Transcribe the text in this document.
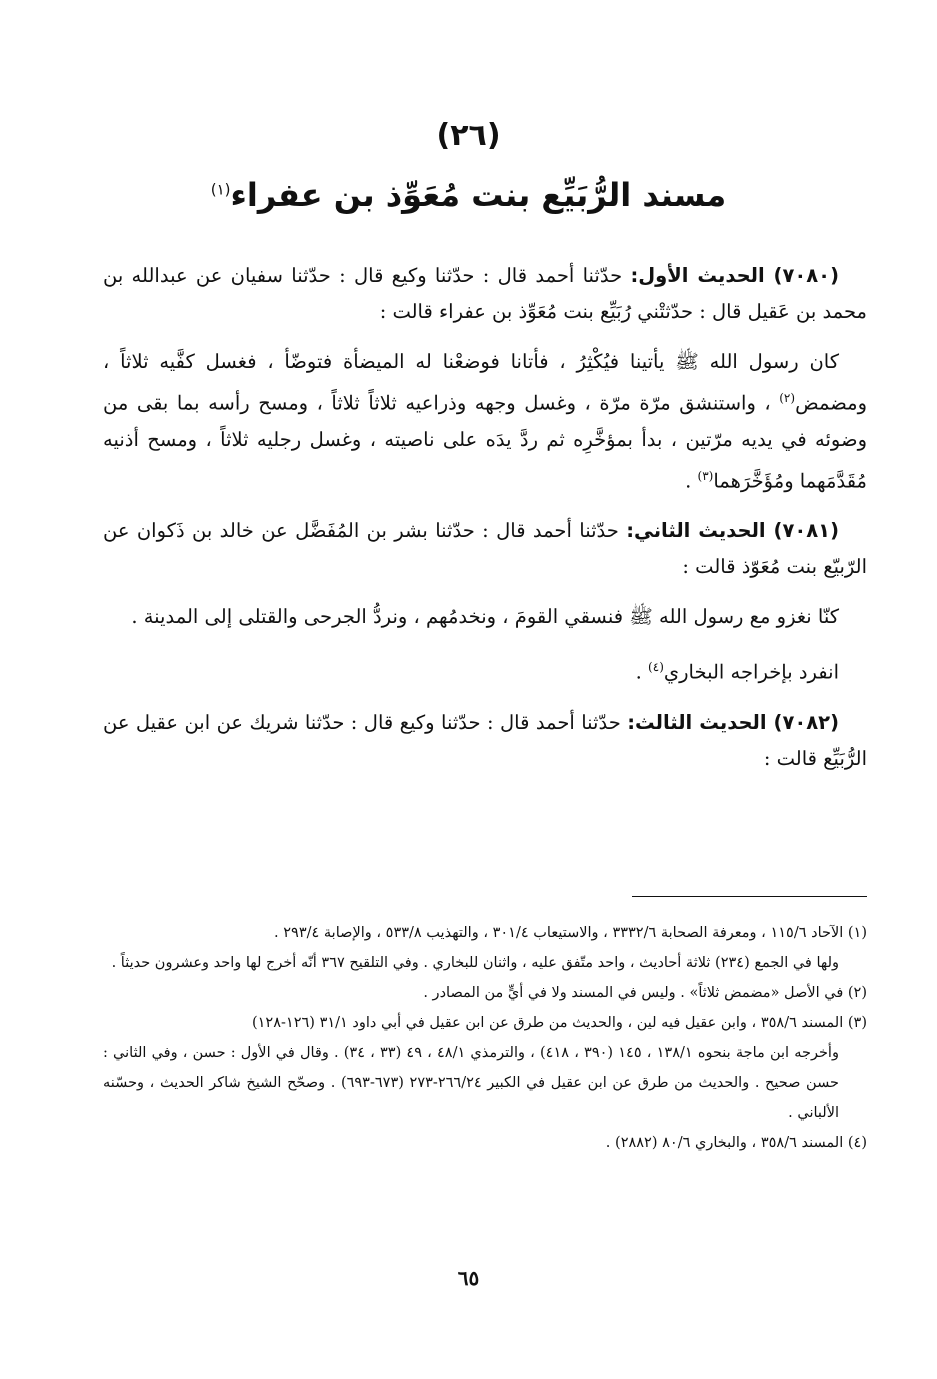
(٢٦)
مسند الرُّبَيِّع بنت مُعَوِّذ بن عفراء$^{(١)}$

(٧٠٨٠) الحديث الأول: حدّثنا أحمد قال : حدّثنا وكيع قال : حدّثنا سفيان عن عبدالله بن محمد بن عَقيل قال : حدّثتْني رُبَيِّع بنت مُعَوِّذ بن عفراء قالت :

كان رسول الله ﷺ يأتينا فيُكْثِرُ ، فأتانا فوضعْنا له الميضأة فتوضّأ ، فغسل كفَّيه ثلاثاً ، ومضمض$^{(٢)}$ ، واستنشق مرّة مرّة ، وغسل وجهه وذراعيه ثلاثاً ثلاثاً ، ومسح رأسه بما بقى من وضوئه في يديه مرّتين ، بدأ بمؤخَّرِه ثم ردَّ يدَه على ناصيته ، وغسل رجليه ثلاثاً ، ومسح أذنيه مُقَدَّمَهما ومُؤَخَّرَهما$^{(٣)}$ .

(٧٠٨١) الحديث الثاني: حدّثنا أحمد قال : حدّثنا بشر بن المُفَضَّل عن خالد بن ذَكوان عن الرّبيّع بنت مُعَوّذ قالت :

كنّا نغزو مع رسول الله ﷺ فنسقي القومَ ، ونخدمُهم ، ونردُّ الجرحى والقتلى إلى المدينة .

انفرد بإخراجه البخاري$^{(٤)}$ .

(٧٠٨٢) الحديث الثالث: حدّثنا أحمد قال : حدّثنا وكيع قال : حدّثنا شريك عن ابن عقيل عن الرُّبَيِّع قالت :

(١) الآحاد ١١٥/٦ ، ومعرفة الصحابة ٣٣٣٢/٦ ، والاستيعاب ٣٠١/٤ ، والتهذيب ٥٣٣/٨ ، والإصابة ٢٩٣/٤ .

ولها في الجمع (٢٣٤) ثلاثة أحاديث ، واحد متّفق عليه ، واثنان للبخاري . وفي التلقيح ٣٦٧ أنّه أخرج لها واحد وعشرون حديثاً .

(٢) في الأصل «مضمض ثلاثاً» . وليس في المسند ولا في أيٍّ من المصادر .

(٣) المسند ٣٥٨/٦ ، وابن عقيل فيه لين ، والحديث من طرق عن ابن عقيل في أبي داود ٣١/١ (١٢٦-١٢٨)

وأخرجه ابن ماجة بنحوه ١٣٨/١ ، ١٤٥ (٣٩٠ ، ٤١٨) ، والترمذي ٤٨/١ ، ٤٩ (٣٣ ، ٣٤) . وقال في الأول : حسن ، وفي الثاني : حسن صحيح . والحديث من طرق عن ابن عقيل في الكبير ٢٦٦/٢٤-٢٧٣ (٦٧٣-٦٩٣) . وصحّح الشيخ شاكر الحديث ، وحسّنه الألباني .

(٤) المسند ٣٥٨/٦ ، والبخاري ٨٠/٦ (٢٨٨٢) .

٦٥
